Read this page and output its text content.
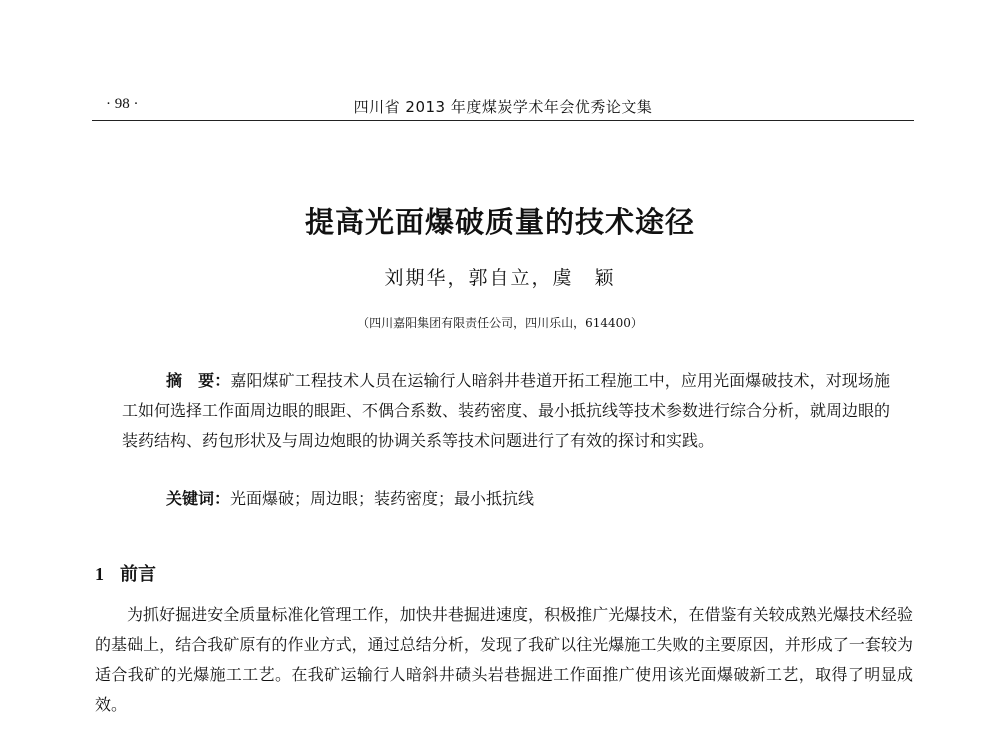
· 98 ·	四川省 2013 年度煤炭学术年会优秀论文集
提高光面爆破质量的技术途径
刘期华，郭自立，虞　颖
（四川嘉阳集团有限责任公司，四川乐山，614400）
摘　要：嘉阳煤矿工程技术人员在运输行人暗斜井巷道开拓工程施工中，应用光面爆破技术，对现场施工如何选择工作面周边眼的眼距、不偶合系数、装药密度、最小抵抗线等技术参数进行综合分析，就周边眼的装药结构、药包形状及与周边炮眼的协调关系等技术问题进行了有效的探讨和实践。
关键词：光面爆破；周边眼；装药密度；最小抵抗线
1 前言
为抓好掘进安全质量标准化管理工作，加快井巷掘进速度，积极推广光爆技术，在借鉴有关较成熟光爆技术经验的基础上，结合我矿原有的作业方式，通过总结分析，发现了我矿以往光爆施工失败的主要原因，并形成了一套较为适合我矿的光爆施工工艺。在我矿运输行人暗斜井碛头岩巷掘进工作面推广使用该光面爆破新工艺，取得了明显成效。
